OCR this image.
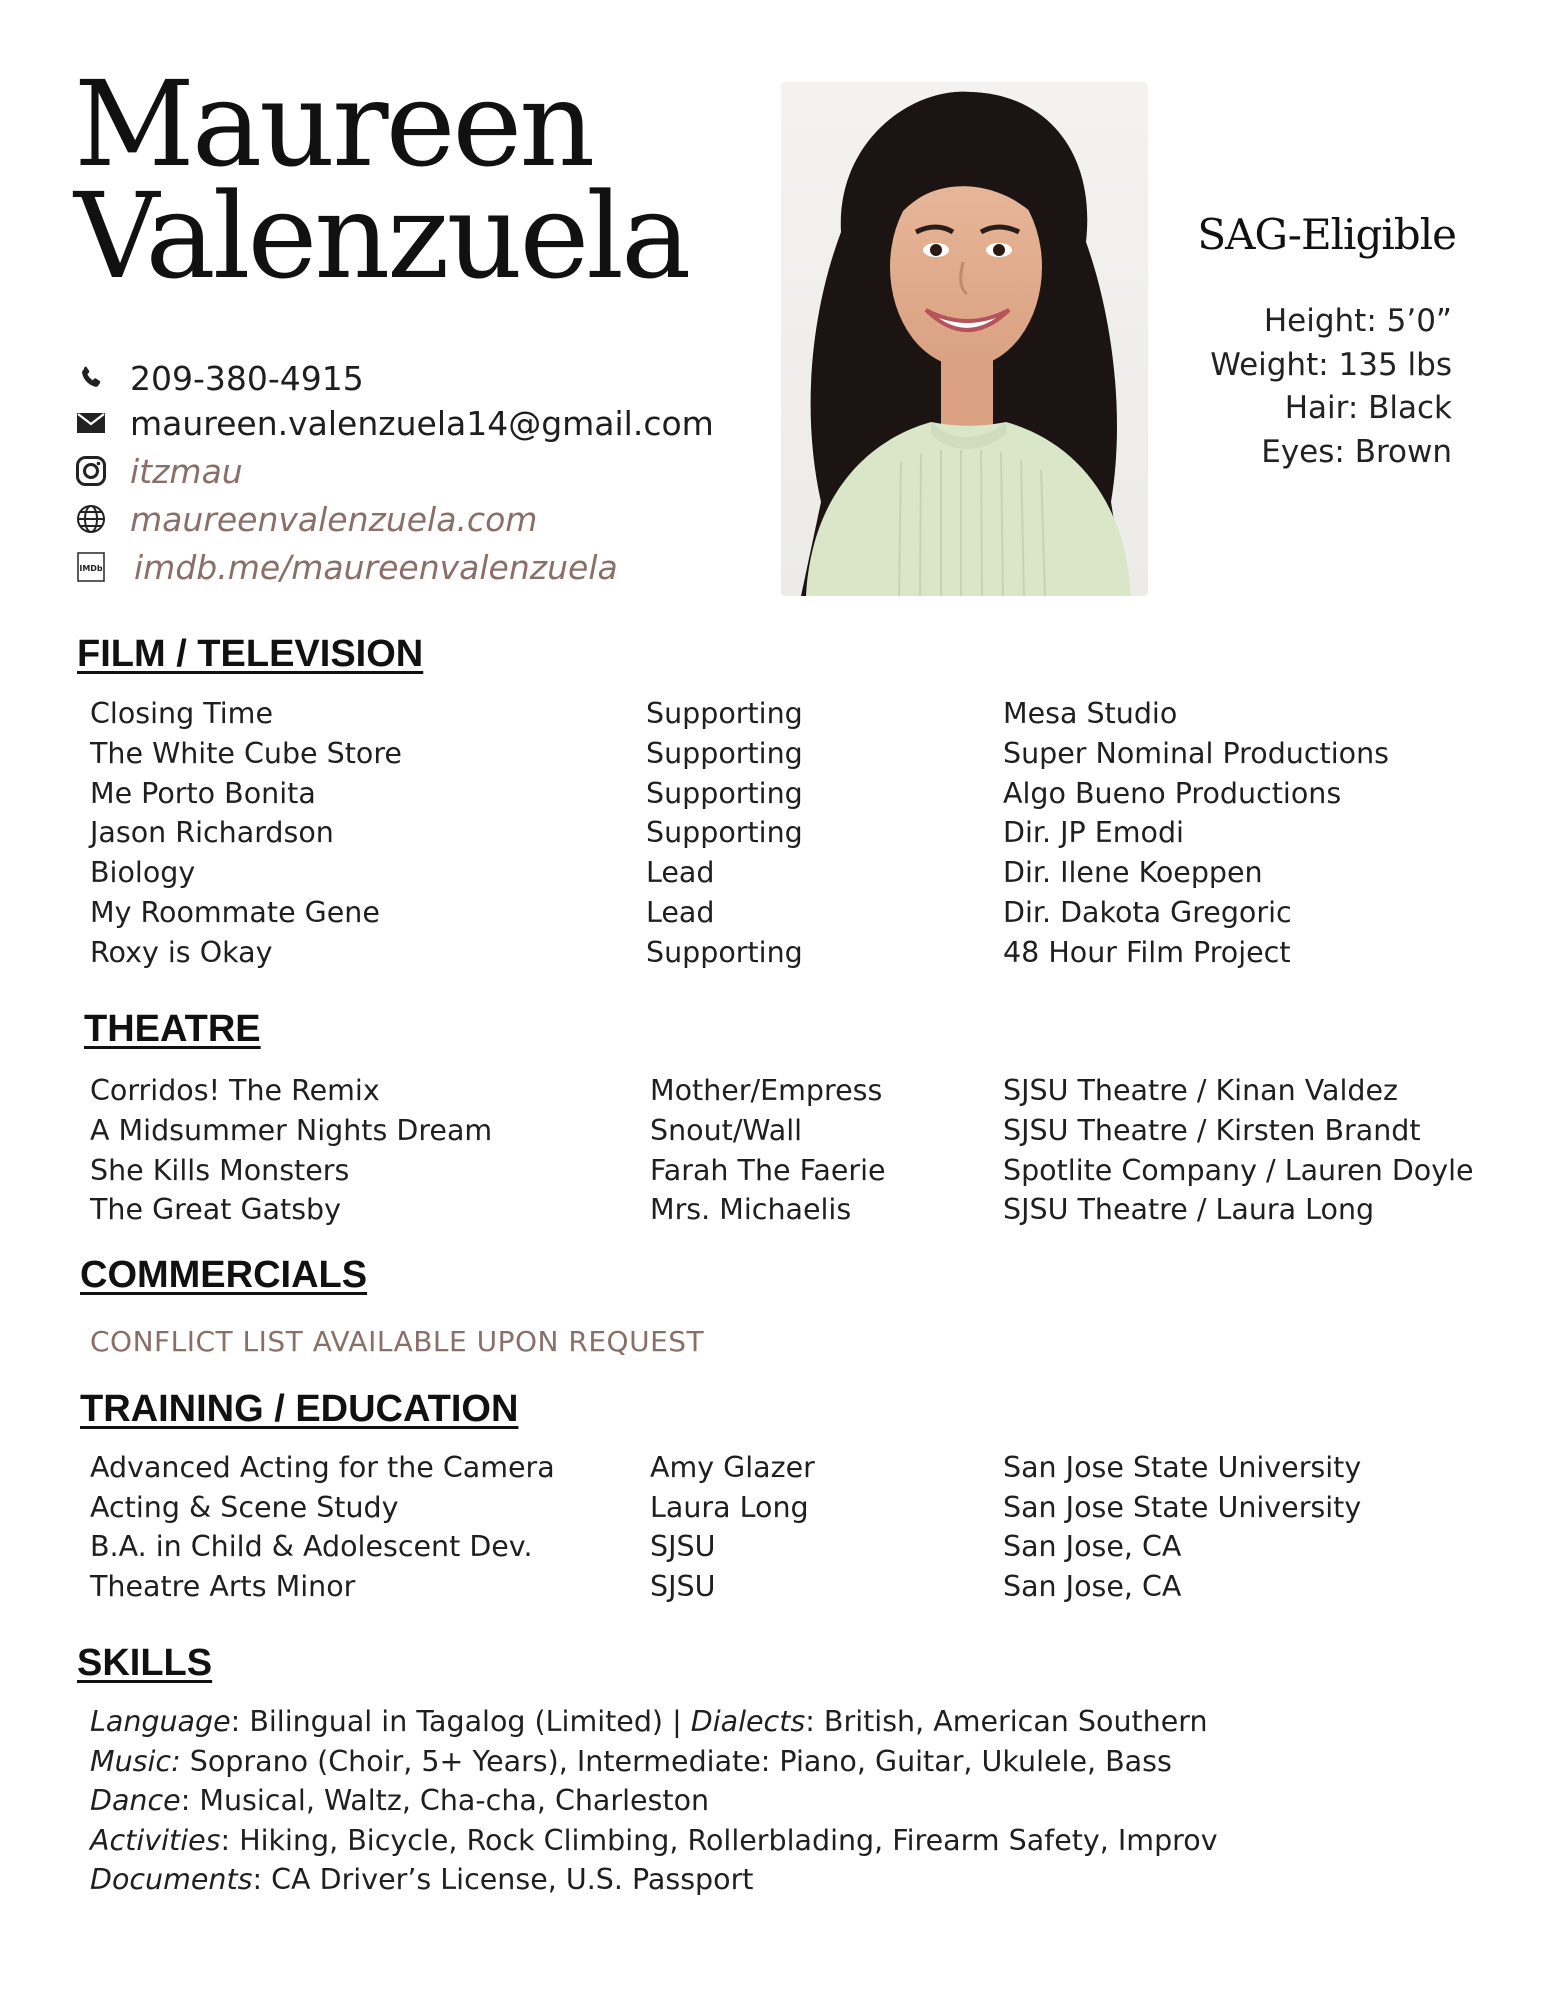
Maureen
Valenzuela
209-380-4915
maureen.valenzuela14@gmail.com
itzmau
maureenvalenzuela.com
IMDb imdb.me/maureenvalenzuela
SAG-Eligible
Height: 5’0”
Weight: 135 lbs
Hair: Black
Eyes: Brown
FILM / TELEVISION
Closing Time	Supporting	Mesa Studio
The White Cube Store	Supporting	Super Nominal Productions
Me Porto Bonita	Supporting	Algo Bueno Productions
Jason Richardson	Supporting	Dir. JP Emodi
Biology	Lead	Dir. Ilene Koeppen
My Roommate Gene	Lead	Dir. Dakota Gregoric
Roxy is Okay	Supporting	48 Hour Film Project
THEATRE
Corridos! The Remix	Mother/Empress	SJSU Theatre / Kinan Valdez
A Midsummer Nights Dream	Snout/Wall	SJSU Theatre / Kirsten Brandt
She Kills Monsters	Farah The Faerie	Spotlite Company / Lauren Doyle
The Great Gatsby	Mrs. Michaelis	SJSU Theatre / Laura Long
COMMERCIALS
CONFLICT LIST AVAILABLE UPON REQUEST
TRAINING / EDUCATION
Advanced Acting for the Camera	Amy Glazer	San Jose State University
Acting & Scene Study	Laura Long	San Jose State University
B.A. in Child & Adolescent Dev.	SJSU	San Jose, CA
Theatre Arts Minor	SJSU	San Jose, CA
SKILLS
Language: Bilingual in Tagalog (Limited) | Dialects: British, American Southern
Music: Soprano (Choir, 5+ Years), Intermediate: Piano, Guitar, Ukulele, Bass
Dance: Musical, Waltz, Cha-cha, Charleston
Activities: Hiking, Bicycle, Rock Climbing, Rollerblading, Firearm Safety, Improv
Documents: CA Driver’s License, U.S. Passport
